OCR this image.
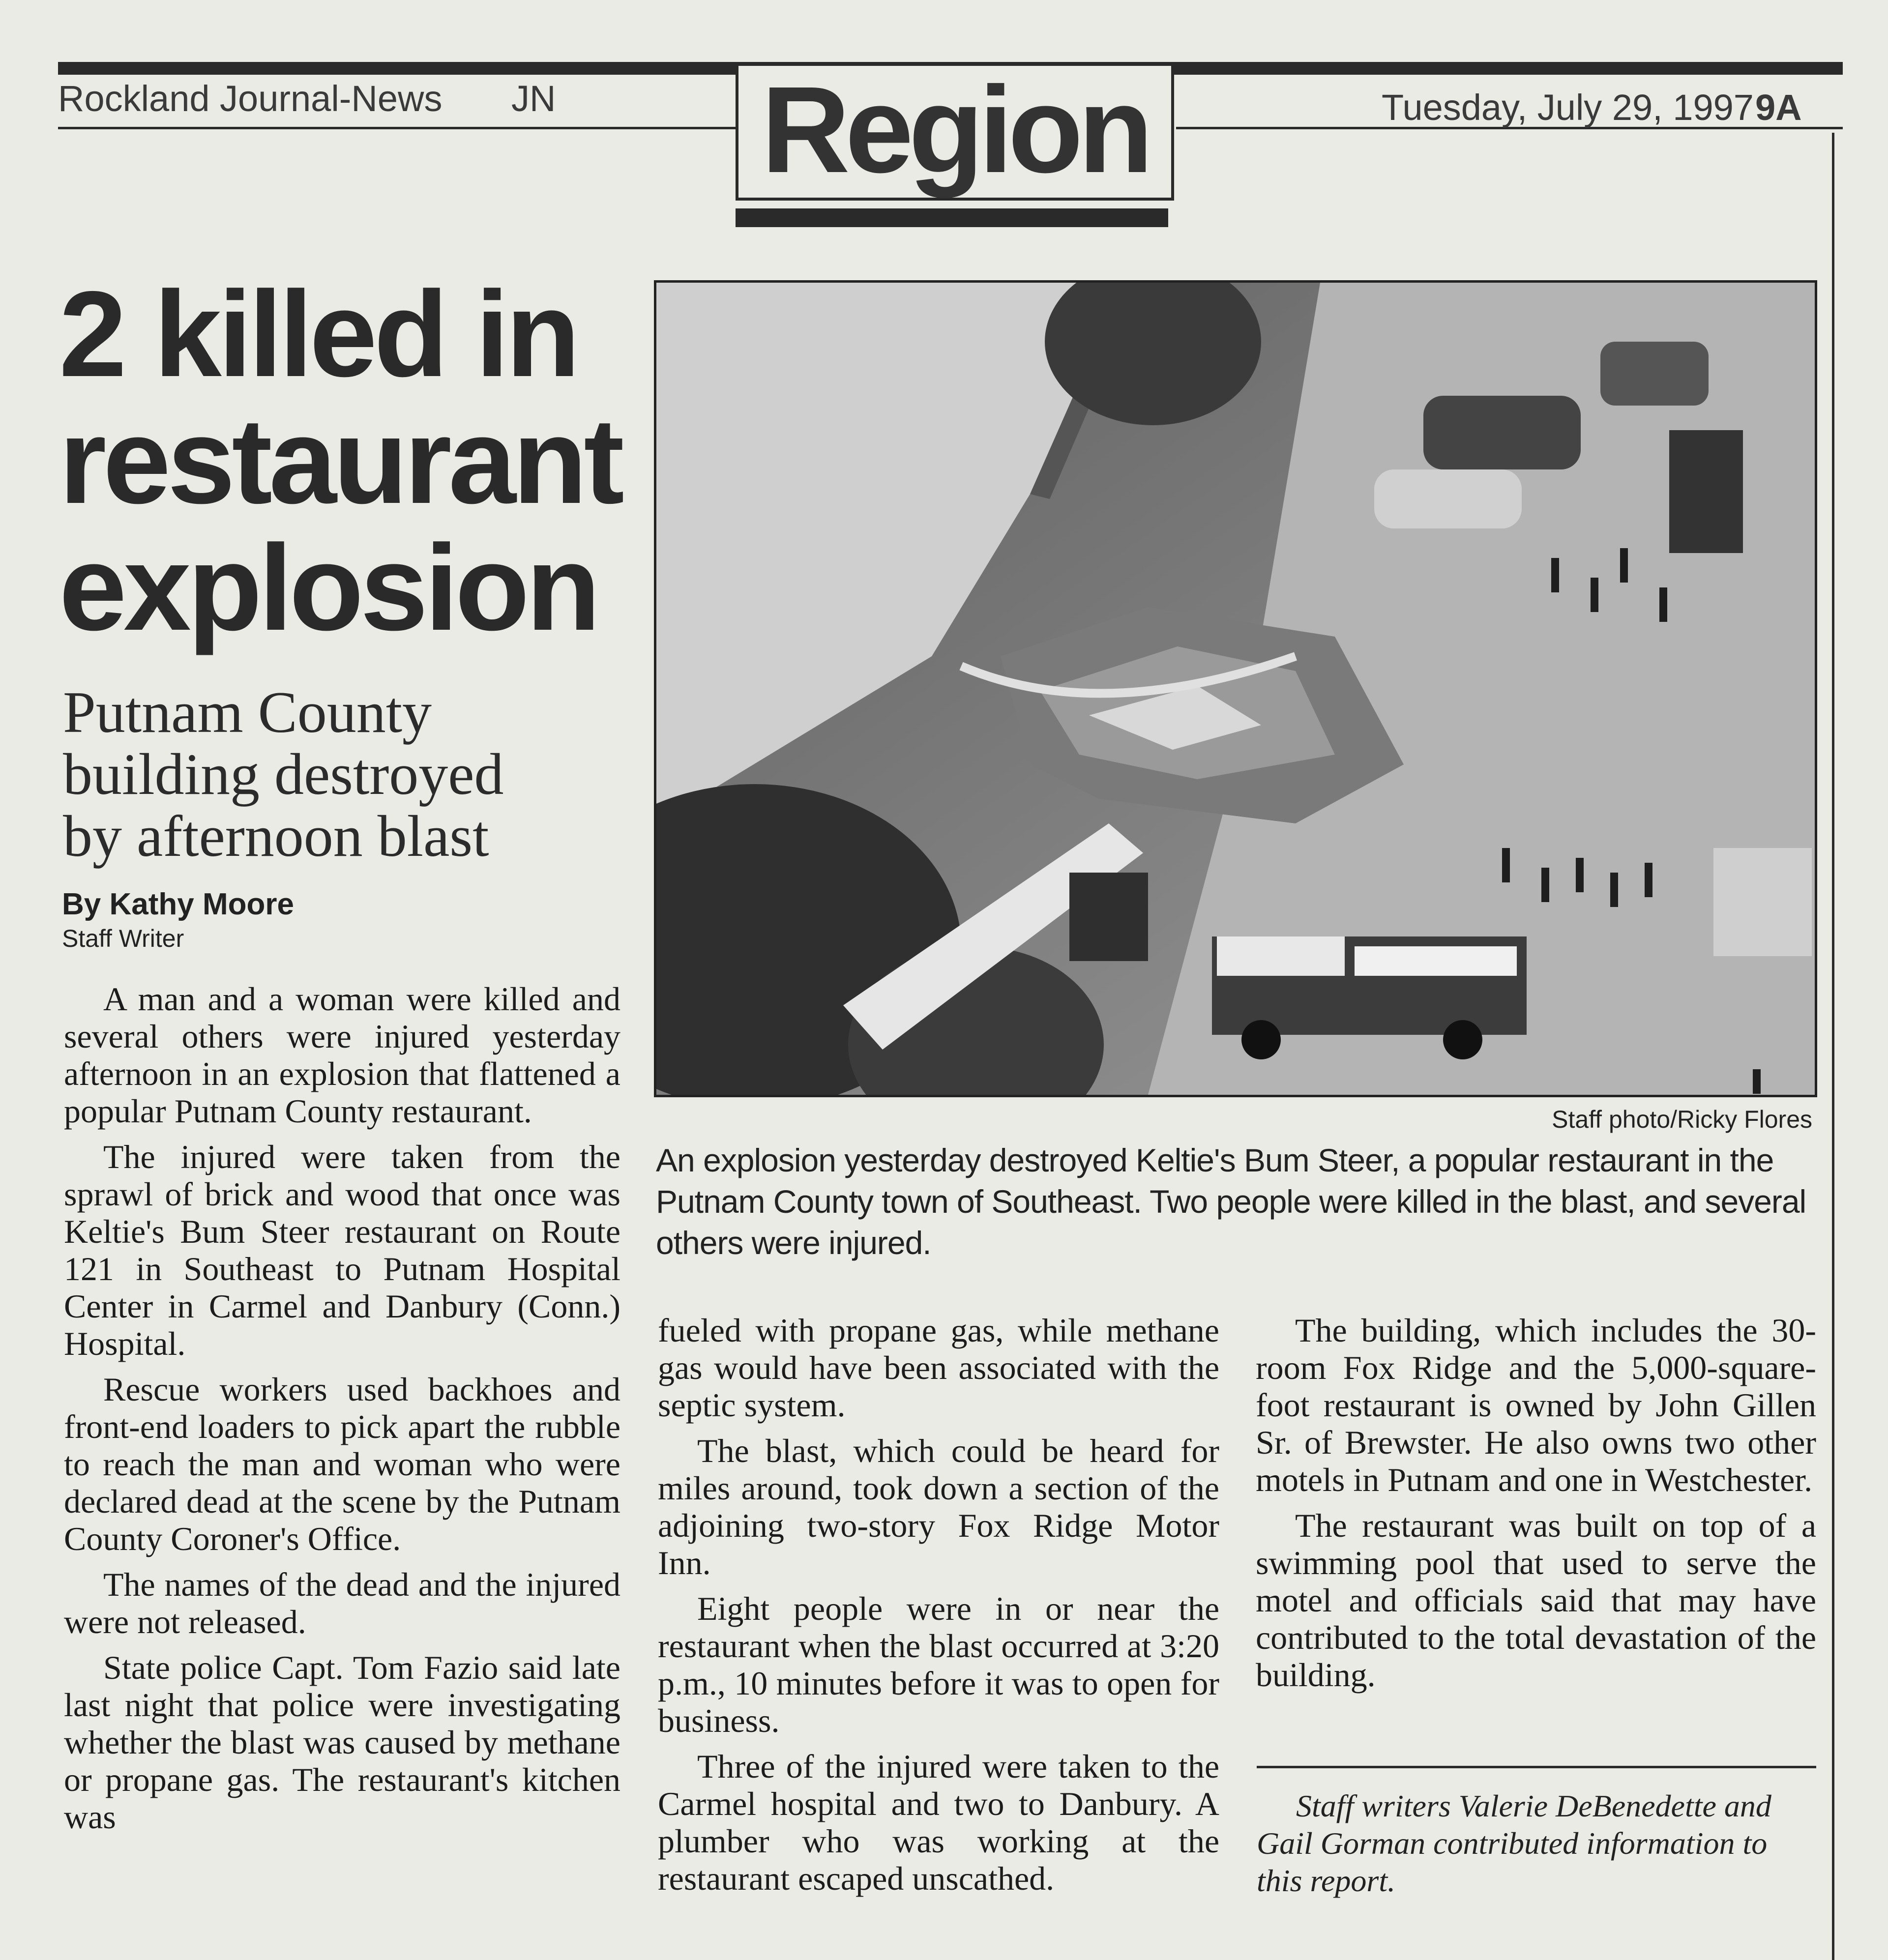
Rockland Journal-News JN Region	Tuesday, July 29, 1997 9A
2 killed in
restaurant
explosion
Putnam County
building destroyed
by afternoon blast
By Kathy Moore
Staff Writer
Staff photo/Ricky Flores
An explosion yesterday destroyed Keltie's Bum Steer, a popular restaurant in the Putnam County town of Southeast. Two people were killed in the blast, and several others were injured.

A man and a woman were killed and several others were injured yesterday afternoon in an explosion that flattened a popular Putnam County restaurant.

The injured were taken from the sprawl of brick and wood that once was Keltie's Bum Steer restaurant on Route 121 in Southeast to Putnam Hospital Center in Carmel and Danbury (Conn.) Hospital.

Rescue workers used backhoes and front-end loaders to pick apart the rubble to reach the man and woman who were declared dead at the scene by the Putnam County Coroner's Office.

The names of the dead and the injured were not released.

State police Capt. Tom Fazio said late last night that police were investigating whether the blast was caused by methane or propane gas. The restaurant's kitchen was

fueled with propane gas, while methane gas would have been associated with the septic system.

The blast, which could be heard for miles around, took down a section of the adjoining two-story Fox Ridge Motor Inn.

Eight people were in or near the restaurant when the blast occurred at 3:20 p.m., 10 minutes before it was to open for business.

Three of the injured were taken to the Carmel hospital and two to Danbury. A plumber who was working at the restaurant escaped unscathed.

The building, which includes the 30-room Fox Ridge and the 5,000-square-foot restaurant is owned by John Gillen Sr. of Brewster. He also owns two other motels in Putnam and one in Westchester.

The restaurant was built on top of a swimming pool that used to serve the motel and officials said that may have contributed to the total devastation of the building.

Staff writers Valerie DeBenedette and Gail Gorman contributed information to this report.
